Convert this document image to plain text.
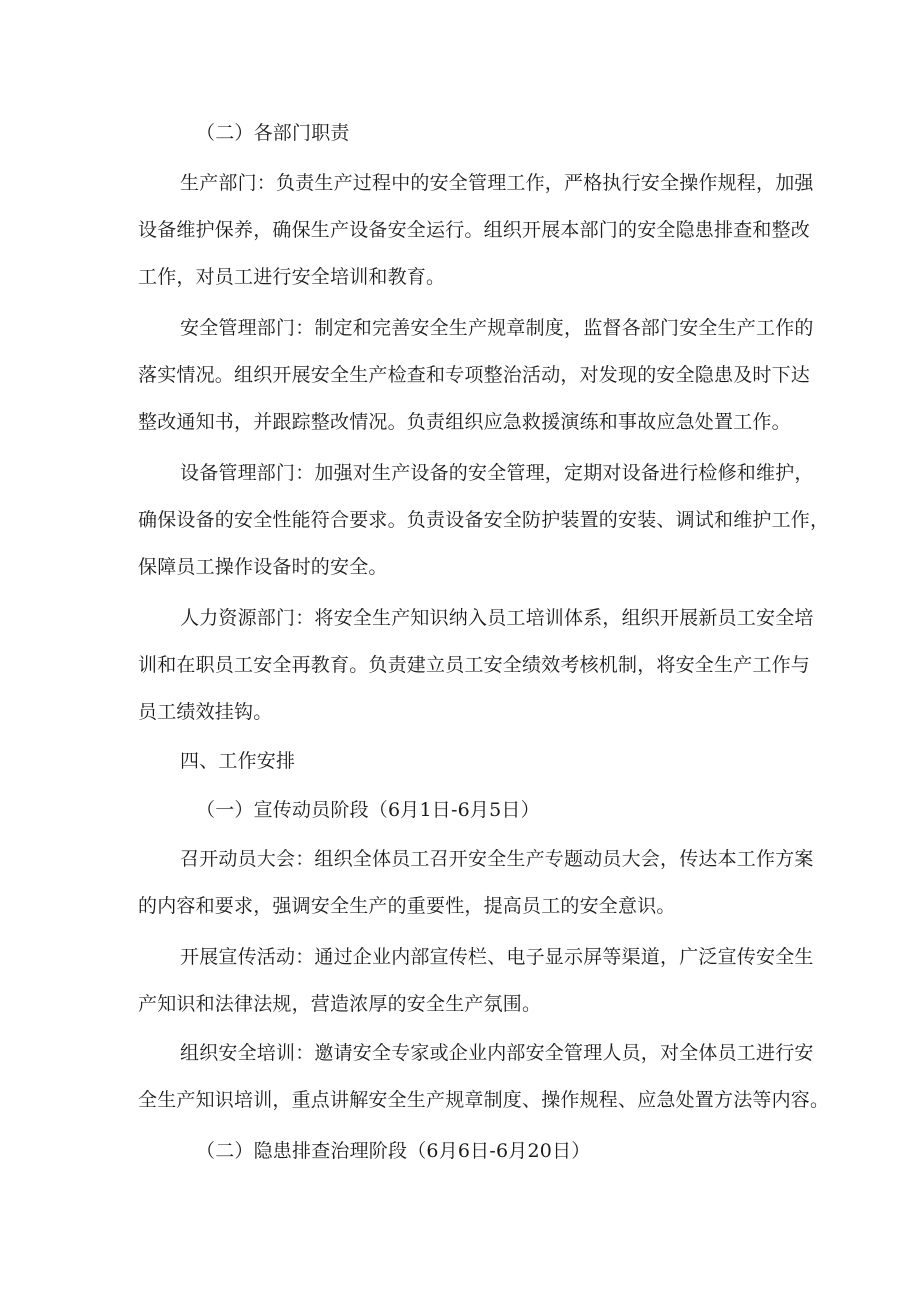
（二）各部门职责
生产部门：负责生产过程中的安全管理工作，严格执行安全操作规程，加强
设备维护保养，确保生产设备安全运行。组织开展本部门的安全隐患排查和整改
工作，对员工进行安全培训和教育。
安全管理部门：制定和完善安全生产规章制度，监督各部门安全生产工作的
落实情况。组织开展安全生产检查和专项整治活动，对发现的安全隐患及时下达
整改通知书，并跟踪整改情况。负责组织应急救援演练和事故应急处置工作。
设备管理部门：加强对生产设备的安全管理，定期对设备进行检修和维护，
确保设备的安全性能符合要求。负责设备安全防护装置的安装、调试和维护工作，
保障员工操作设备时的安全。
人力资源部门：将安全生产知识纳入员工培训体系，组织开展新员工安全培
训和在职员工安全再教育。负责建立员工安全绩效考核机制，将安全生产工作与
员工绩效挂钩。
四、工作安排
（一）宣传动员阶段（6月1日-6月5日）
召开动员大会：组织全体员工召开安全生产专题动员大会，传达本工作方案
的内容和要求，强调安全生产的重要性，提高员工的安全意识。
开展宣传活动：通过企业内部宣传栏、电子显示屏等渠道，广泛宣传安全生
产知识和法律法规，营造浓厚的安全生产氛围。
组织安全培训：邀请安全专家或企业内部安全管理人员，对全体员工进行安
全生产知识培训，重点讲解安全生产规章制度、操作规程、应急处置方法等内容。
（二）隐患排查治理阶段（6月6日-6月20日）
